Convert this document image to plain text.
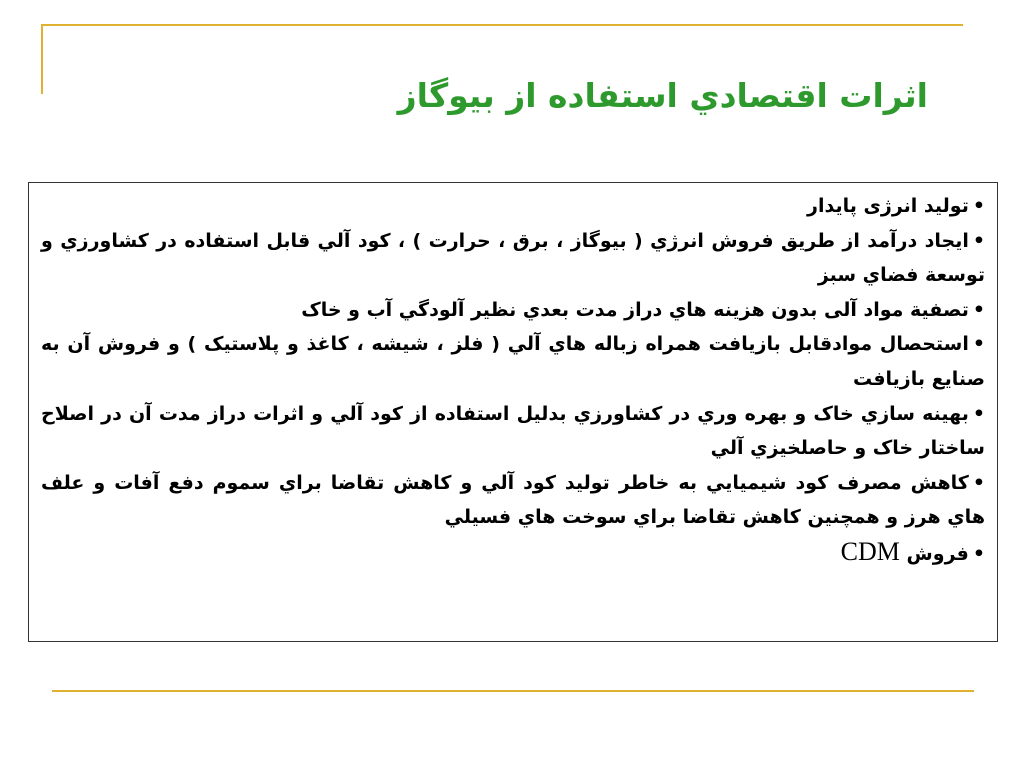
اثرات اقتصادي استفاده از بيوگاز
•توليد انرژی پايدار
•ايجاد درآمد از طريق فروش انرژي ( بيوگاز ، برق ، حرارت ) ، کود آلي قابل استفاده در کشاورزي و توسعة فضاي سبز
•تصفية مواد آلی بدون هزينه هاي دراز مدت بعدي نظير آلودگي آب و خاک
•استحصال موادقابل بازيافت همراه زباله هاي آلي ( فلز ، شيشه ، کاغذ و پلاستيک ) و فروش آن به صنايع بازيافت
•بهينه سازي خاک و بهره وري در کشاورزي بدليل استفاده از کود آلي و اثرات دراز مدت آن در اصلاح ساختار خاک و حاصلخيزي آلي
•کاهش مصرف کود شيميايي به خاطر توليد کود آلي و کاهش تقاضا براي سموم دفع آفات و علف هاي هرز و همچنين کاهش تقاضا براي سوخت هاي فسيلي
•فروش CDM
